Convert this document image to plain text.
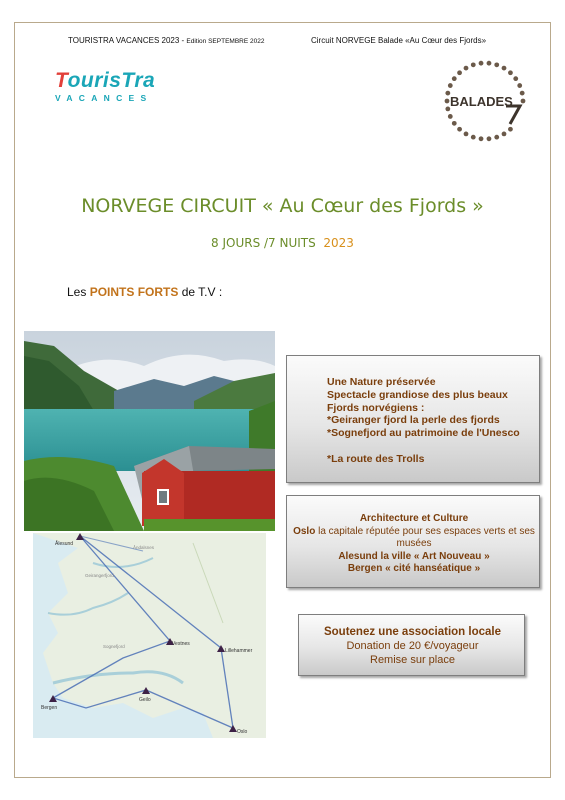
TOURISTRA VACANCES 2023 - Edition SEPTEMBRE 2022	Circuit NORVEGE Balade «Au Cœur des Fjords»
TourisTra
VACANCES	BALADES
NORVEGE CIRCUIT « Au Cœur des Fjords »
8 JOURS /7 NUITS 2023
Les POINTS FORTS de T.V :
Ålesund
Åndalsnes
Geirangerfjord
Vestnes
Lillehammer
Sognefjord
Geilo
Bergen
Oslo
Une Nature préservée
Spectacle grandiose des plus beaux
Fjords norvégiens :
*Geiranger fjord la perle des fjords
*Sognefjord au patrimoine de l'Unesco
*La route des Trolls
Architecture et Culture
Oslo la capitale réputée pour ses espaces verts et ses musées
Alesund la ville « Art Nouveau »
Bergen « cité hanséatique »
Soutenez une association locale
Donation de 20 €/voyageur
Remise sur place
